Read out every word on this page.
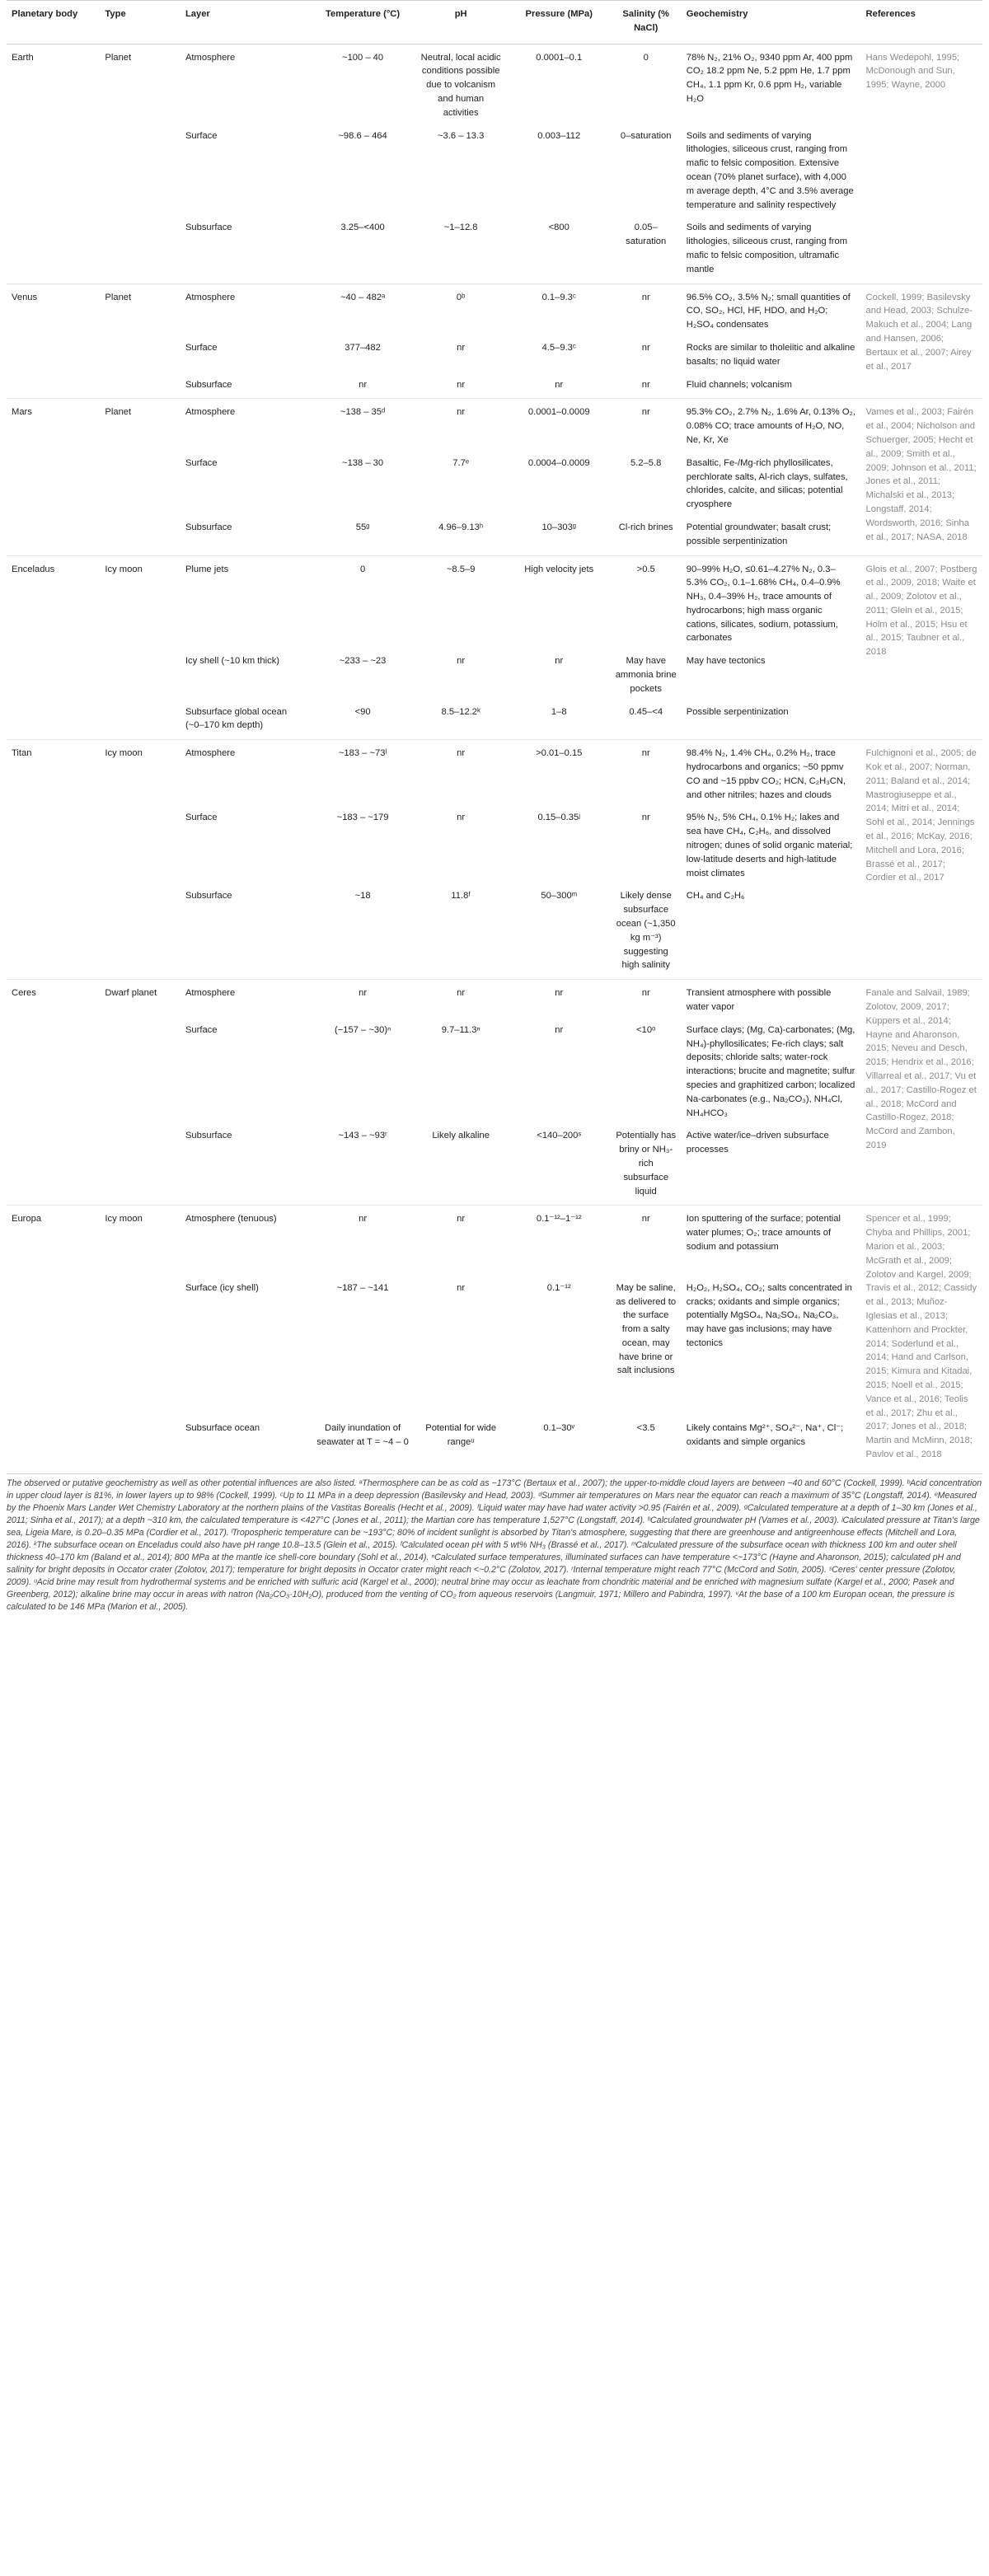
Planetary body	Type	Layer	Temperature (°C)	pH	Pressure (MPa)	Salinity (% NaCl)	Geochemistry	References
Earth	Planet	Atmosphere	~100 – 40	Neutral, local acidic conditions possible due to volcanism and human activities	0.0001–0.1	0	78% N₂, 21% O₂, 9340 ppm Ar, 400 ppm CO₂ 18.2 ppm Ne, 5.2 ppm He, 1.7 ppm CH₄, 1.1 ppm Kr, 0.6 ppm H₂, variable H₂O	Hans Wedepohl, 1995; McDonough and Sun, 1995; Wayne, 2000
		Surface	~98.6 – 464	~3.6 – 13.3	0.003–112	0–saturation	Soils and sediments of varying lithologies, siliceous crust, ranging from mafic to felsic composition. Extensive ocean (70% planet surface), with 4,000 m average depth, 4°C and 3.5% average temperature and salinity respectively	
		Subsurface	3.25–<400	~1–12.8	<800	0.05–saturation	Soils and sediments of varying lithologies, siliceous crust, ranging from mafic to felsic composition, ultramafic mantle	
Venus	Planet	Atmosphere	~40 – 482ᵃ	0ᵇ	0.1–9.3ᶜ	nr	96.5% CO₂, 3.5% N₂; small quantities of CO, SO₂, HCl, HF, HDO, and H₂O; H₂SO₄ condensates	Cockell, 1999; Basilevsky and Head, 2003; Schulze-Makuch et al., 2004; Lang and Hansen, 2006; Bertaux et al., 2007; Airey et al., 2017
		Surface	377–482	nr	4.5–9.3ᶜ	nr	Rocks are similar to tholeiitic and alkaline basalts; no liquid water	
		Subsurface	nr	nr	nr	nr	Fluid channels; volcanism	
Mars	Planet	Atmosphere	~138 – 35ᵈ	nr	0.0001–0.0009	nr	95.3% CO₂, 2.7% N₂, 1.6% Ar, 0.13% O₂, 0.08% CO; trace amounts of H₂O, NO, Ne, Kr, Xe	Vames et al., 2003; Fairén et al., 2004; Nicholson and Schuerger, 2005; Hecht et al., 2009; Smith et al., 2009; Johnson et al., 2011; Jones et al., 2011; Michalski et al., 2013; Longstaff, 2014; Wordsworth, 2016; Sinha et al., 2017; NASA, 2018
		Surface	~138 – 30	7.7ᵉ	0.0004–0.0009	5.2–5.8	Basaltic, Fe-/Mg-rich phyllosilicates, perchlorate salts, Al-rich clays, sulfates, chlorides, calcite, and silicas; potential cryosphere	
		Subsurface	55ᵍ	4.96–9.13ʰ	10–303ᵍ	Cl-rich brines	Potential groundwater; basalt crust; possible serpentinization	
Enceladus	Icy moon	Plume jets	0	~8.5–9	High velocity jets	>0.5	90–99% H₂O, ≤0.61–4.27% N₂, 0.3–5.3% CO₂, 0.1–1.68% CH₄, 0.4–0.9% NH₃, 0.4–39% H₂, trace amounts of hydrocarbons; high mass organic cations, silicates, sodium, potassium, carbonates	Glois et al., 2007; Postberg et al., 2009, 2018; Waite et al., 2009; Zolotov et al., 2011; Glein et al., 2015; Holm et al., 2015; Hsu et al., 2015; Taubner et al., 2018
		Icy shell (~10 km thick)	~233 – ~23	nr	nr	May have ammonia brine pockets	May have tectonics	
		Subsurface global ocean (~0–170 km depth)	<90	8.5–12.2ᵏ	1–8	0.45–<4	Possible serpentinization	
Titan	Icy moon	Atmosphere	~183 – ~73ˡ	nr	>0.01–0.15	nr	98.4% N₂, 1.4% CH₄, 0.2% H₂, trace hydrocarbons and organics; ~50 ppmv CO and ~15 ppbv CO₂; HCN, C₂H₃CN, and other nitriles; hazes and clouds	Fulchignoni et al., 2005; de Kok et al., 2007; Norman, 2011; Baland et al., 2014; Mastrogiuseppe et al., 2014; Mitri et al., 2014; Sohl et al., 2014; Jennings et al., 2016; McKay, 2016; Mitchell and Lora, 2016; Brassé et al., 2017; Cordier et al., 2017
		Surface	~183 – ~179	nr	0.15–0.35ʲ	nr	95% N₂, 5% CH₄, 0.1% H₂; lakes and sea have CH₄, C₂H₆, and dissolved nitrogen; dunes of solid organic material; low-latitude deserts and high-latitude moist climates	
		Subsurface	~18	11.8ᶠ	50–300ᵐ	Likely dense subsurface ocean (~1,350 kg m⁻³) suggesting high salinity	CH₄ and C₂H₆	
Ceres	Dwarf planet	Atmosphere	nr	nr	nr	nr	Transient atmosphere with possible water vapor	Fanale and Salvail, 1989; Zolotov, 2009, 2017; Küppers et al., 2014; Hayne and Aharonson, 2015; Neveu and Desch, 2015; Hendrix et al., 2016; Villarreal et al., 2017; Vu et al., 2017; Castillo-Rogez et al., 2018; McCord and Castillo-Rogez, 2018; McCord and Zambon, 2019
		Surface	(−157 – ~30)ⁿ	9.7–11.3ⁿ	nr	<10ᵒ	Surface clays; (Mg, Ca)-carbonates; (Mg, NH₄)-phyllosilicates; Fe-rich clays; salt deposits; chloride salts; water-rock interactions; brucite and magnetite; sulfur species and graphitized carbon; localized Na-carbonates (e.g., Na₂CO₃), NH₄Cl, NH₄HCO₃	
		Subsurface	~143 – ~93ʳ	Likely alkaline	<140–200ˢ	Potentially has briny or NH₃-rich subsurface liquid	Active water/ice–driven subsurface processes	
Europa	Icy moon	Atmosphere (tenuous)	nr	nr	0.1⁻¹²–1⁻¹²	nr	Ion sputtering of the surface; potential water plumes; O₂; trace amounts of sodium and potassium	Spencer et al., 1999; Chyba and Phillips, 2001; Marion et al., 2003; McGrath et al., 2009; Zolotov and Kargel, 2009; Travis et al., 2012; Cassidy et al., 2013; Muñoz-Iglesias et al., 2013; Kattenhorn and Prockter, 2014; Soderlund et al., 2014; Hand and Carlson, 2015; Kimura and Kitadai, 2015; Noell et al., 2015; Vance et al., 2016; Teolis et al., 2017; Zhu et al., 2017; Jones et al., 2018; Martin and McMinn, 2018; Pavlov et al., 2018
		Surface (icy shell)	~187 – ~141	nr	0.1⁻¹²	May be saline, as delivered to the surface from a salty ocean, may have brine or salt inclusions	H₂O₂, H₂SO₄, CO₂; salts concentrated in cracks; oxidants and simple organics; potentially MgSO₄, Na₂SO₄, Na₂CO₃, may have gas inclusions; may have tectonics	
		Subsurface ocean	Daily inundation of seawater at T = ~4 – 0	Potential for wide rangeᵘ	0.1–30ᵛ	<3.5	Likely contains Mg²⁺, SO₄²⁻, Na⁺, Cl⁻; oxidants and simple organics	
The observed or putative geochemistry as well as other potential influences are also listed. ᵃThermosphere can be as cold as −173°C (Bertaux et al., 2007); the upper-to-middle cloud layers are between −40 and 60°C (Cockell, 1999). ᵇAcid concentration in upper cloud layer is 81%, in lower layers up to 98% (Cockell, 1999). ᶜUp to 11 MPa in a deep depression (Basilevsky and Head, 2003). ᵈSummer air temperatures on Mars near the equator can reach a maximum of 35°C (Longstaff, 2014). ᵉMeasured by the Phoenix Mars Lander Wet Chemistry Laboratory at the northern plains of the Vastitas Borealis (Hecht et al., 2009). ᶠLiquid water may have had water activity >0.95 (Fairén et al., 2009). ᵍCalculated temperature at a depth of 1–30 km (Jones et al., 2011; Sinha et al., 2017); at a depth ~310 km, the calculated temperature is <427°C (Jones et al., 2011); the Martian core has temperature 1,527°C (Longstaff, 2014). ʰCalculated groundwater pH (Vames et al., 2003). ʲCalculated pressure at Titan's large sea, Ligeia Mare, is 0.20–0.35 MPa (Cordier et al., 2017). ˡTropospheric temperature can be ~193°C; 80% of incident sunlight is absorbed by Titan's atmosphere, suggesting that there are greenhouse and antigreenhouse effects (Mitchell and Lora, 2016). ᵏThe subsurface ocean on Enceladus could also have pH range 10.8–13.5 (Glein et al., 2015). ᶠCalculated ocean pH with 5 wt% NH₃ (Brassé et al., 2017). ᵐCalculated pressure of the subsurface ocean with thickness 100 km and outer shell thickness 40–170 km (Baland et al., 2014); 800 MPa at the mantle ice shell-core boundary (Sohl et al., 2014). ⁿCalculated surface temperatures, illuminated surfaces can have temperature <~173°C (Hayne and Aharonson, 2015); calculated pH and salinity for bright deposits in Occator crater (Zolotov, 2017); temperature for bright deposits in Occator crater might reach <~0.2°C (Zolotov, 2017). ʳInternal temperature might reach 77°C (McCord and Sotin, 2005). ˢCeres' center pressure (Zolotov, 2009). ᵘAcid brine may result from hydrothermal systems and be enriched with sulfuric acid (Kargel et al., 2000); neutral brine may occur as leachate from chondritic material and be enriched with magnesium sulfate (Kargel et al., 2000; Pasek and Greenberg, 2012); alkaline brine may occur in areas with natron (Na₂CO₃·10H₂O), produced from the venting of CO₂ from aqueous reservoirs (Langmuir, 1971; Millero and Pabindra, 1997). ᵛAt the base of a 100 km Europan ocean, the pressure is calculated to be 146 MPa (Marion et al., 2005).
